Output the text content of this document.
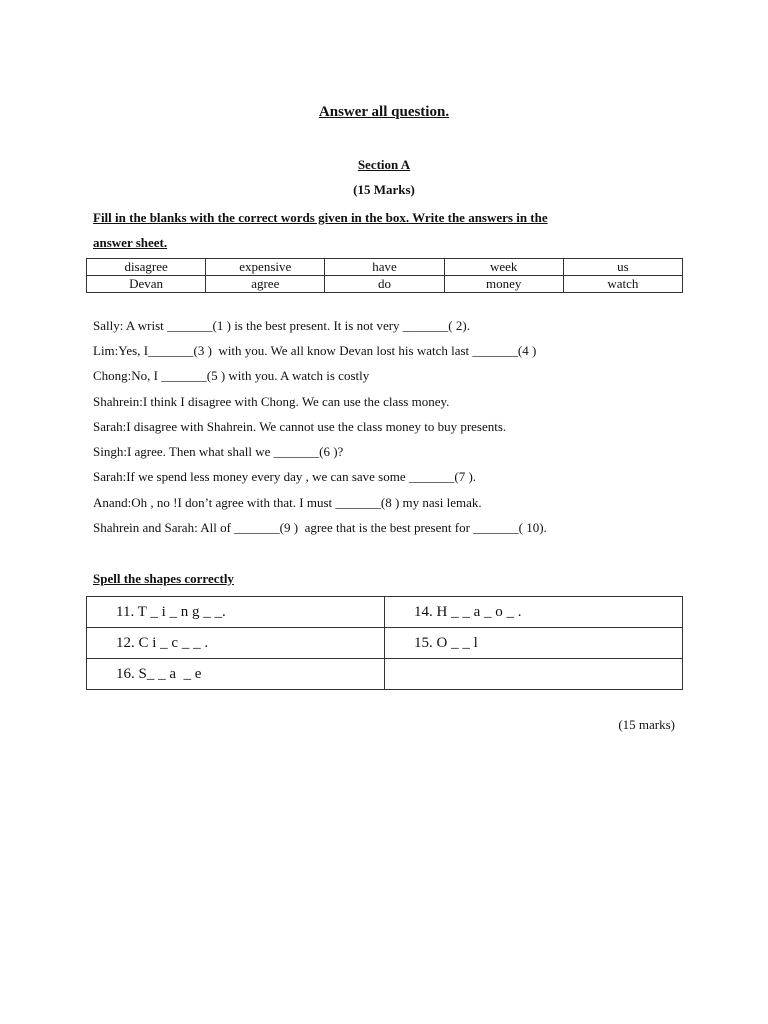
Answer all question.
Section A
(15 Marks)
Fill in the blanks with the correct words given in the box. Write the answers in the
answer sheet.
disagree	expensive	have	week	us
Devan	agree	do	money	watch
Sally: A wrist _______(1 ) is the best present. It is not very _______( 2).
Lim:Yes, I_______(3 )  with you. We all know Devan lost his watch last _______(4 )
Chong:No, I _______(5 ) with you. A watch is costly
Shahrein:I think I disagree with Chong. We can use the class money.
Sarah:I disagree with Shahrein. We cannot use the class money to buy presents.
Singh:I agree. Then what shall we _______(6 )?
Sarah:If we spend less money every day , we can save some _______(7 ).
Anand:Oh , no !I don’t agree with that. I must _______(8 ) my nasi lemak.
Shahrein and Sarah: All of _______(9 )  agree that is the best present for _______( 10).
Spell the shapes correctly
11. T _ i _ n g _ _.	14. H _ _ a _ o _ .
12. C i _ c _ _ .	15. O _ _ l
16. S_ _ a  _ e	
(15 marks)
